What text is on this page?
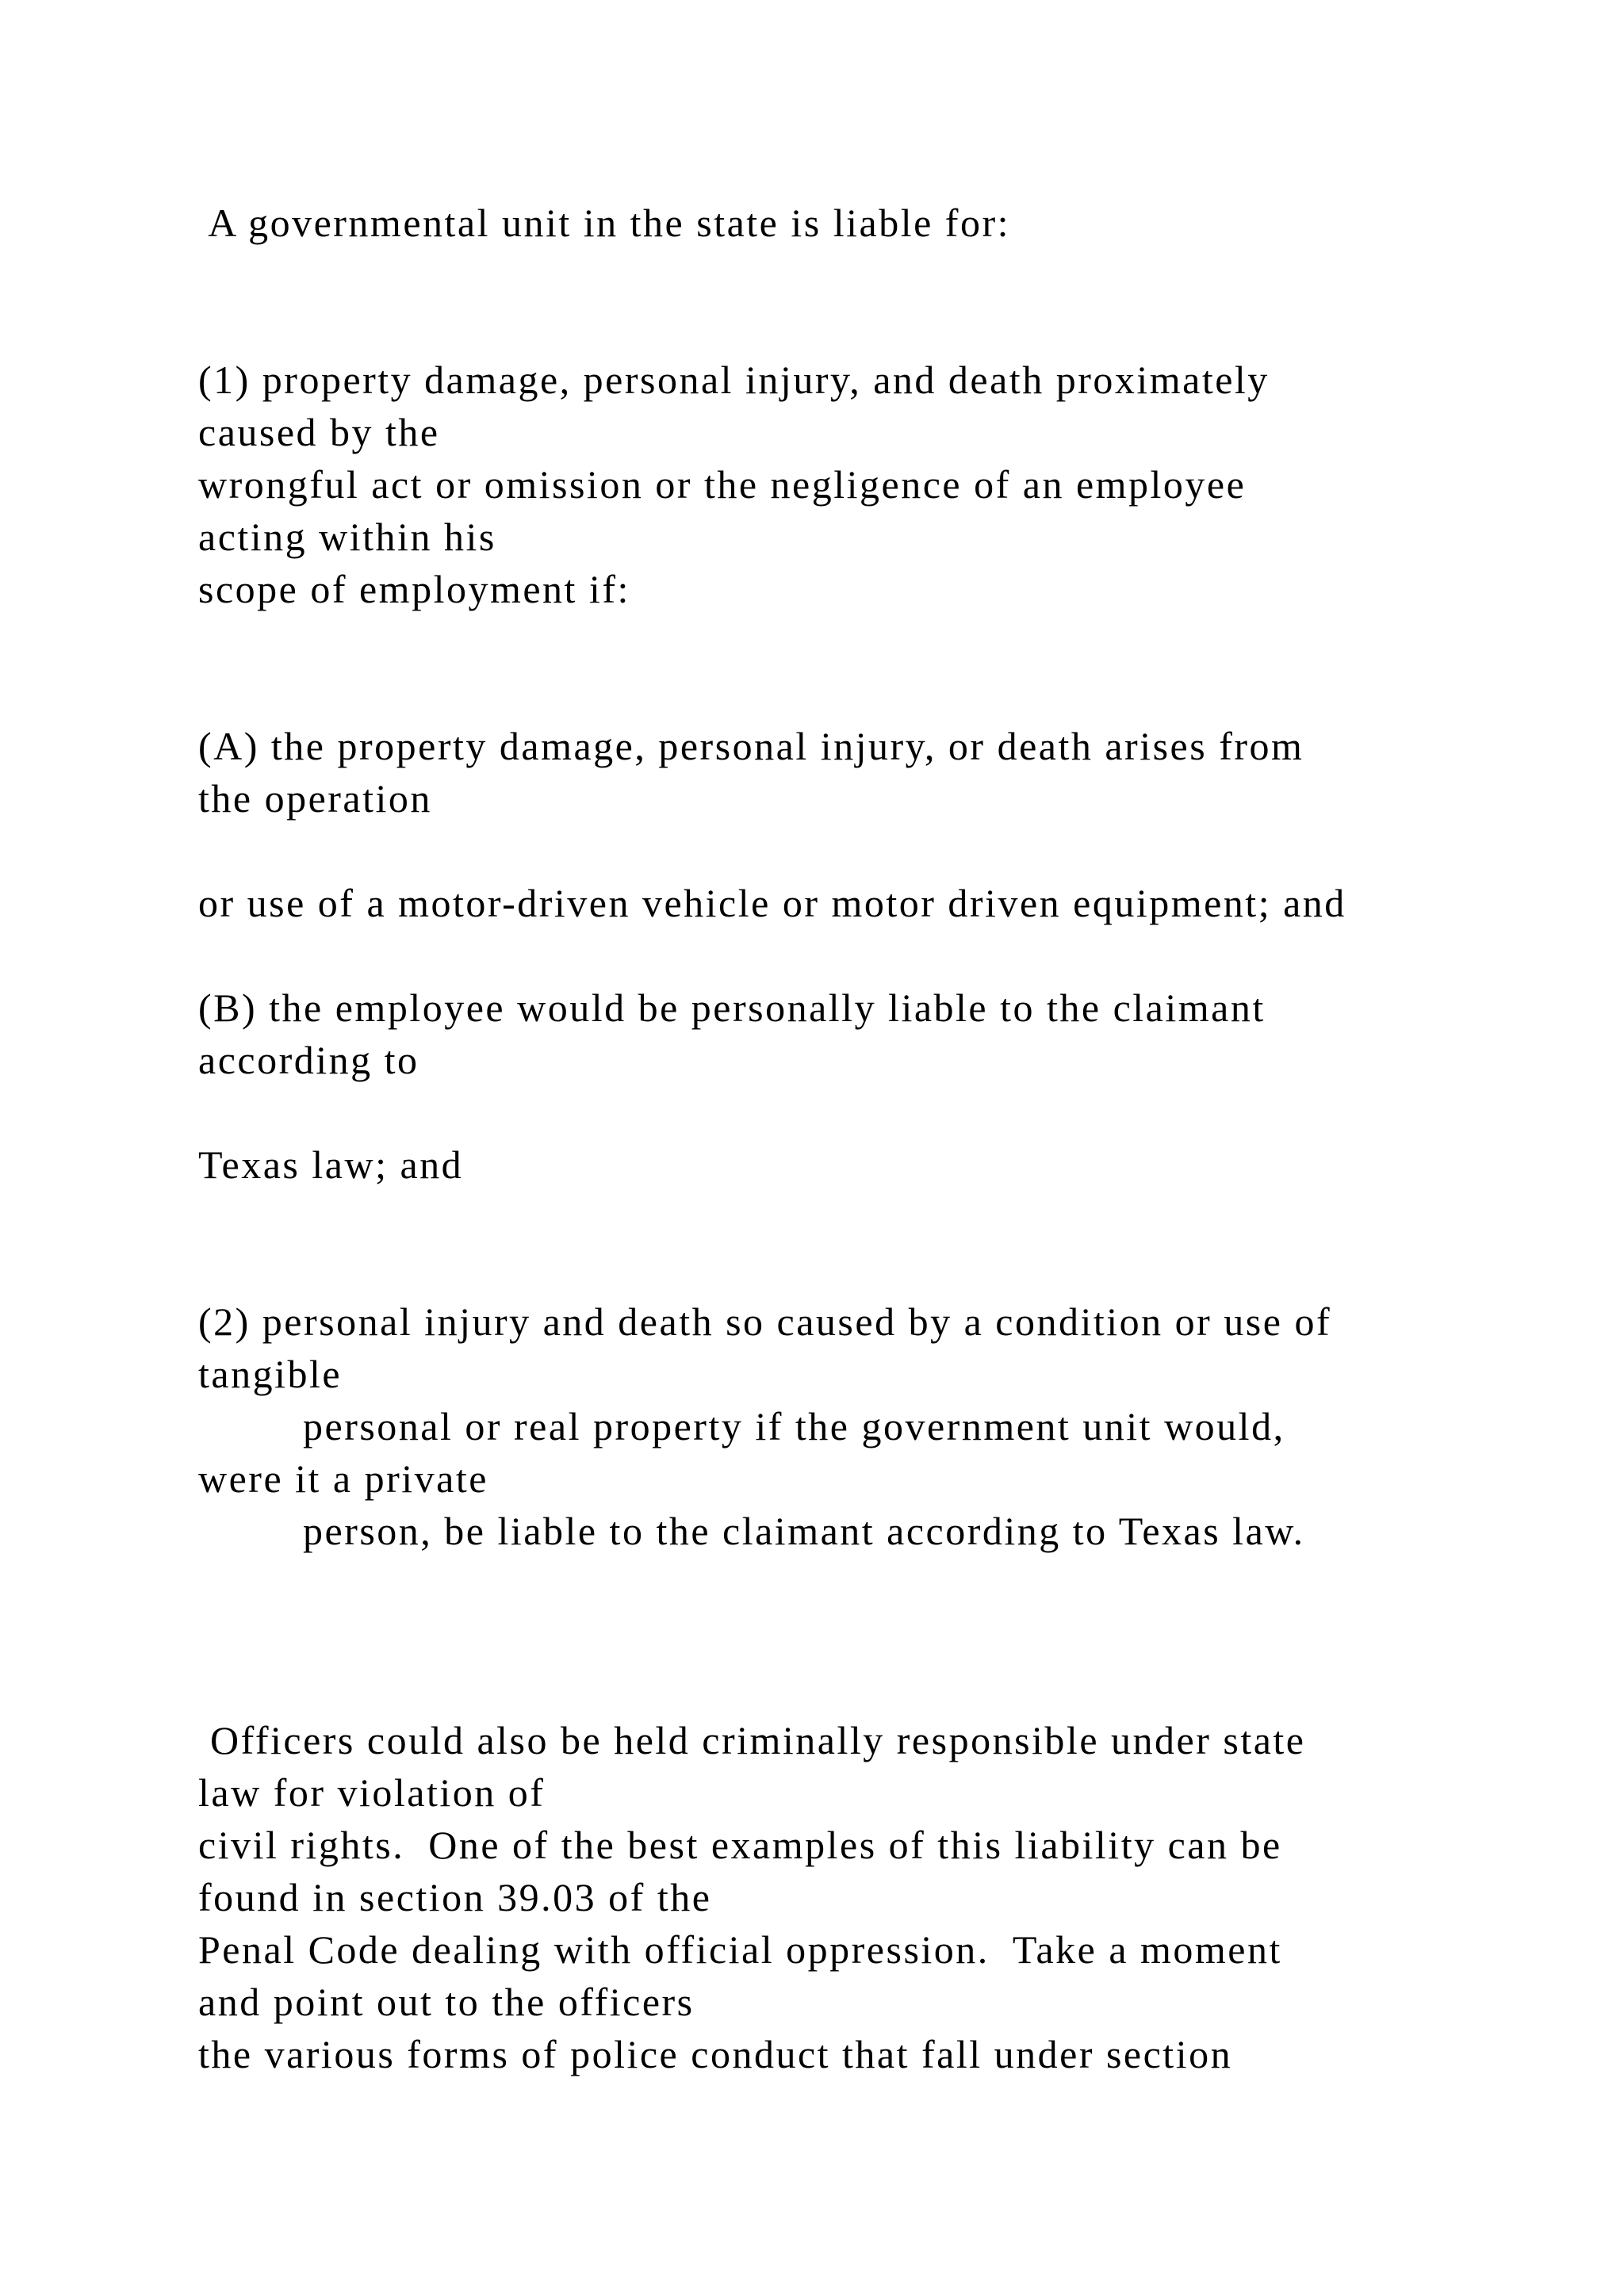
A governmental unit in the state is liable for:
(1) property damage, personal injury, and death proximately
caused by the
wrongful act or omission or the negligence of an employee
acting within his
scope of employment if:
(A) the property damage, personal injury, or death arises from
the operation
or use of a motor-driven vehicle or motor driven equipment; and
(B) the employee would be personally liable to the claimant
according to
Texas law; and
(2) personal injury and death so caused by a condition or use of
tangible
personal or real property if the government unit would,
were it a private
person, be liable to the claimant according to Texas law.
Officers could also be held criminally responsible under state
law for violation of
civil rights.  One of the best examples of this liability can be
found in section 39.03 of the
Penal Code dealing with official oppression.  Take a moment
and point out to the officers
the various forms of police conduct that fall under section
